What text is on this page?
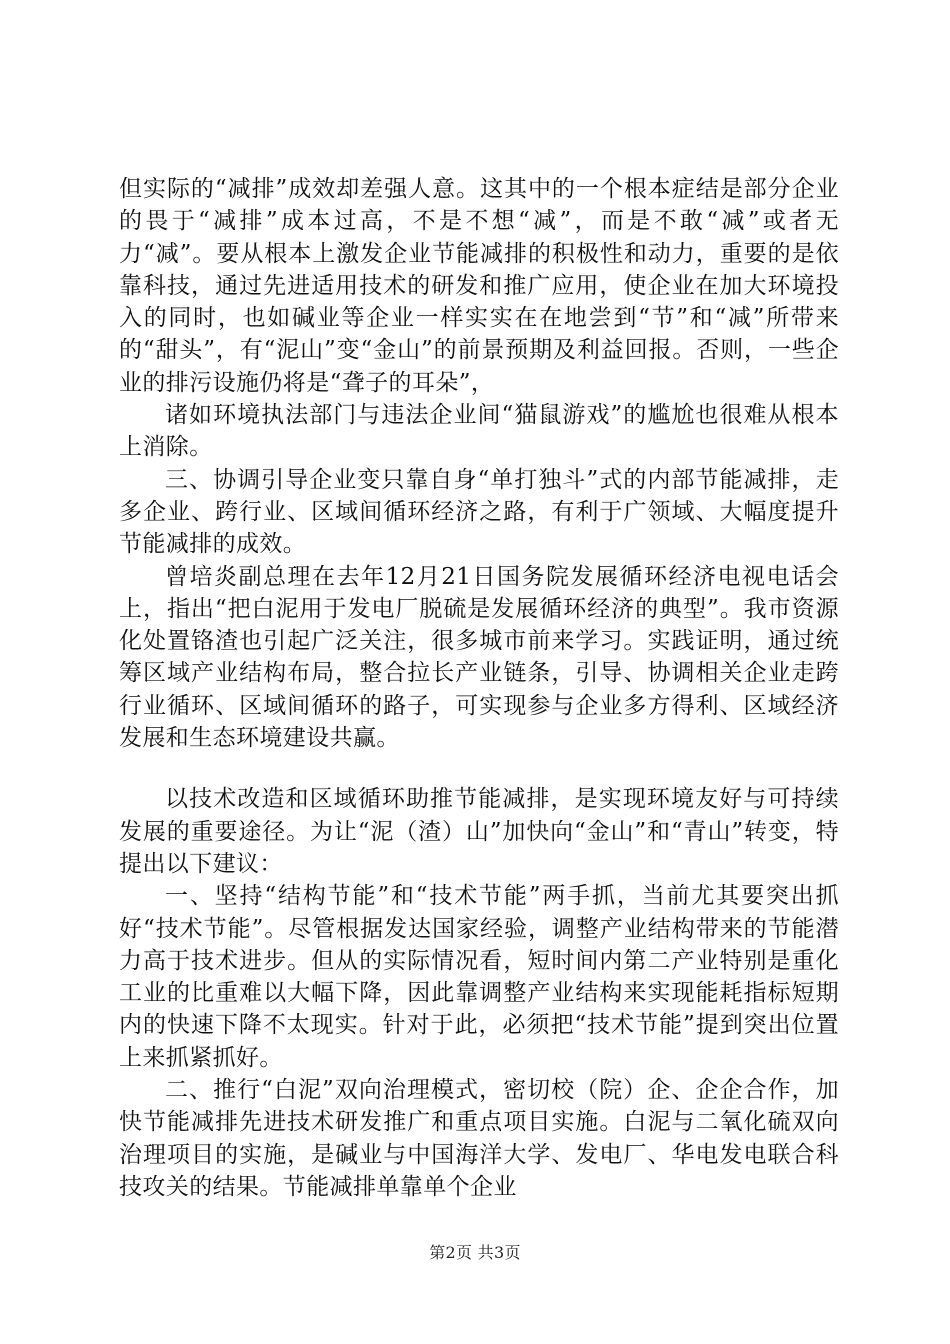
但实际的“减排”成效却差强人意。这其中的一个根本症结是部分企业的畏于“减排”成本过高，不是不想“减”，而是不敢“减”或者无力“减”。要从根本上激发企业节能减排的积极性和动力，重要的是依靠科技，通过先进适用技术的研发和推广应用，使企业在加大环境投入的同时，也如碱业等企业一样实实在在地尝到“节”和“减”所带来的“甜头”，有“泥山”变“金山”的前景预期及利益回报。否则，一些企业的排污设施仍将是“聋子的耳朵”，

诸如环境执法部门与违法企业间“猫鼠游戏”的尴尬也很难从根本上消除。

三、协调引导企业变只靠自身“单打独斗”式的内部节能减排，走多企业、跨行业、区域间循环经济之路，有利于广领域、大幅度提升节能减排的成效。

曾培炎副总理在去年12月21日国务院发展循环经济电视电话会上，指出“把白泥用于发电厂脱硫是发展循环经济的典型”。我市资源化处置铬渣也引起广泛关注，很多城市前来学习。实践证明，通过统筹区域产业结构布局，整合拉长产业链条，引导、协调相关企业走跨行业循环、区域间循环的路子，可实现参与企业多方得利、区域经济发展和生态环境建设共赢。

以技术改造和区域循环助推节能减排，是实现环境友好与可持续发展的重要途径。为让“泥（渣）山”加快向“金山”和“青山”转变，特提出以下建议：

一、坚持“结构节能”和“技术节能”两手抓，当前尤其要突出抓好“技术节能”。尽管根据发达国家经验，调整产业结构带来的节能潜力高于技术进步。但从的实际情况看，短时间内第二产业特别是重化工业的比重难以大幅下降，因此靠调整产业结构来实现能耗指标短期内的快速下降不太现实。针对于此，必须把“技术节能”提到突出位置上来抓紧抓好。

二、推行“白泥”双向治理模式，密切校（院）企、企企合作，加快节能减排先进技术研发推广和重点项目实施。白泥与二氧化硫双向治理项目的实施，是碱业与中国海洋大学、发电厂、华电发电联合科技攻关的结果。节能减排单靠单个企业

第2页 共3页
